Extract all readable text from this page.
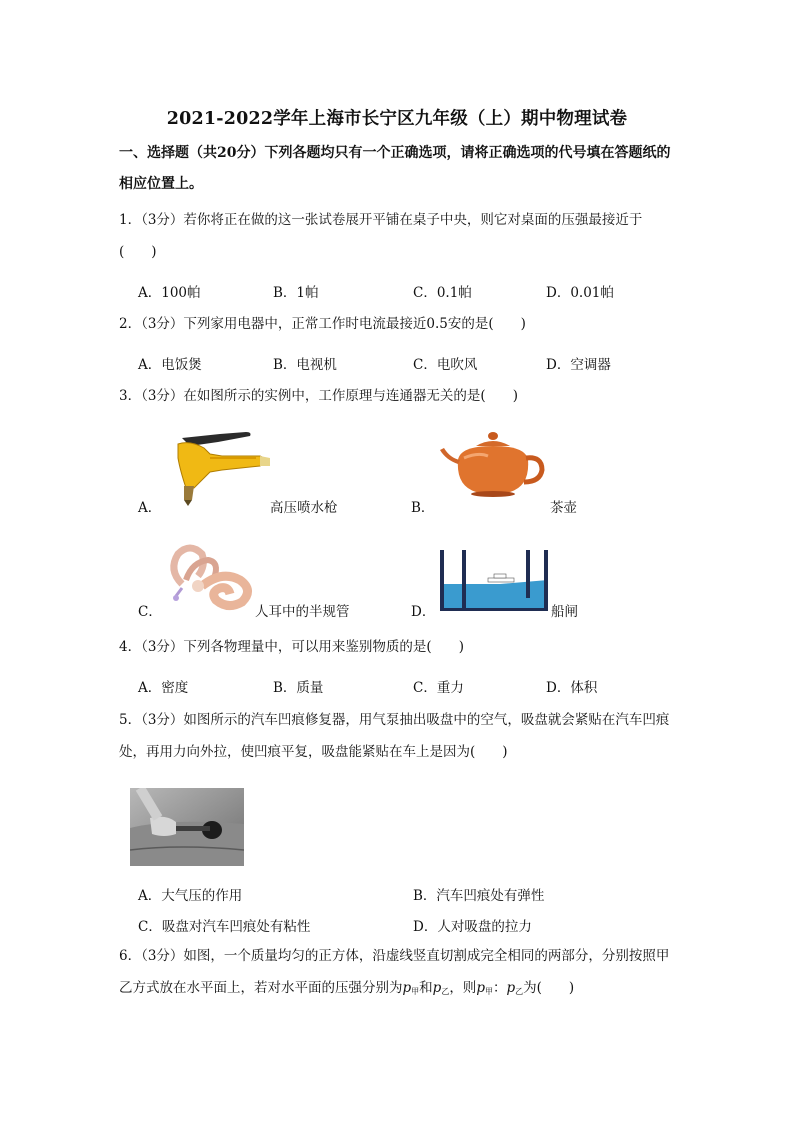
2021-2022学年上海市长宁区九年级（上）期中物理试卷
一、选择题（共20分）下列各题均只有一个正确选项，请将正确选项的代号填在答题纸的相应位置上。
1．（3分）若你将正在做的这一张试卷展开平铺在桌子中央，则它对桌面的压强最接近于(　　)
A．100帕	B．1帕	C．0.1帕	D．0.01帕
2．（3分）下列家用电器中，正常工作时电流最接近0.5安的是(　　)
A．电饭煲	B．电视机	C．电吹风	D．空调器
3．（3分）在如图所示的实例中，工作原理与连通器无关的是(　　)
A．	高压喷水枪	B．	茶壶
C．	人耳中的半规管	D．	船闸
4．（3分）下列各物理量中，可以用来鉴别物质的是(　　)
A．密度	B．质量	C．重力	D．体积
5．（3分）如图所示的汽车凹痕修复器，用气泵抽出吸盘中的空气，吸盘就会紧贴在汽车凹痕处，再用力向外拉，使凹痕平复，吸盘能紧贴在车上是因为(　　)
A．大气压的作用	B．汽车凹痕处有弹性
C．吸盘对汽车凹痕处有粘性	D．人对吸盘的拉力
6．（3分）如图，一个质量均匀的正方体，沿虚线竖直切割成完全相同的两部分，分别按照甲乙方式放在水平面上，若对水平面的压强分别为$p_甲$和$p_乙$，则$p_甲$：$p_乙$为(　　)
